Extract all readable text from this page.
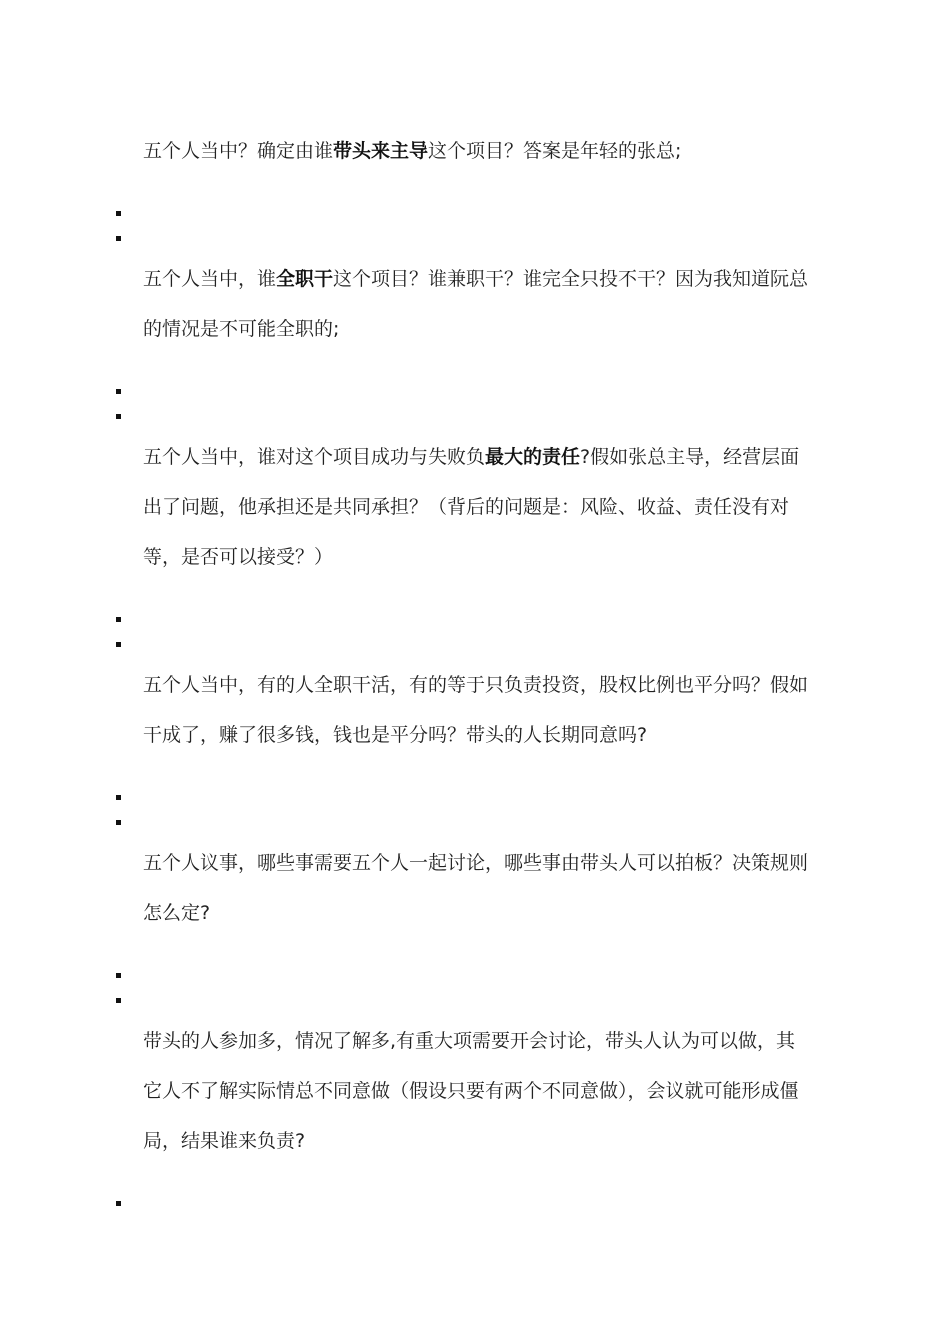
五个人当中？确定由谁带头来主导这个项目？答案是年轻的张总;

五个人当中，谁全职干这个项目？谁兼职干？谁完全只投不干？因为我知道阮总的情况是不可能全职的;

五个人当中，谁对这个项目成功与失败负最大的责任?假如张总主导，经营层面出了问题，他承担还是共同承担？（背后的问题是：风险、收益、责任没有对等，是否可以接受？）

五个人当中，有的人全职干活，有的等于只负责投资，股权比例也平分吗？假如干成了，赚了很多钱，钱也是平分吗？带头的人长期同意吗?

五个人议事，哪些事需要五个人一起讨论，哪些事由带头人可以拍板？决策规则怎么定?

带头的人参加多，情况了解多,有重大项需要开会讨论，带头人认为可以做，其它人不了解实际情总不同意做（假设只要有两个不同意做），会议就可能形成僵局，结果谁来负责?
